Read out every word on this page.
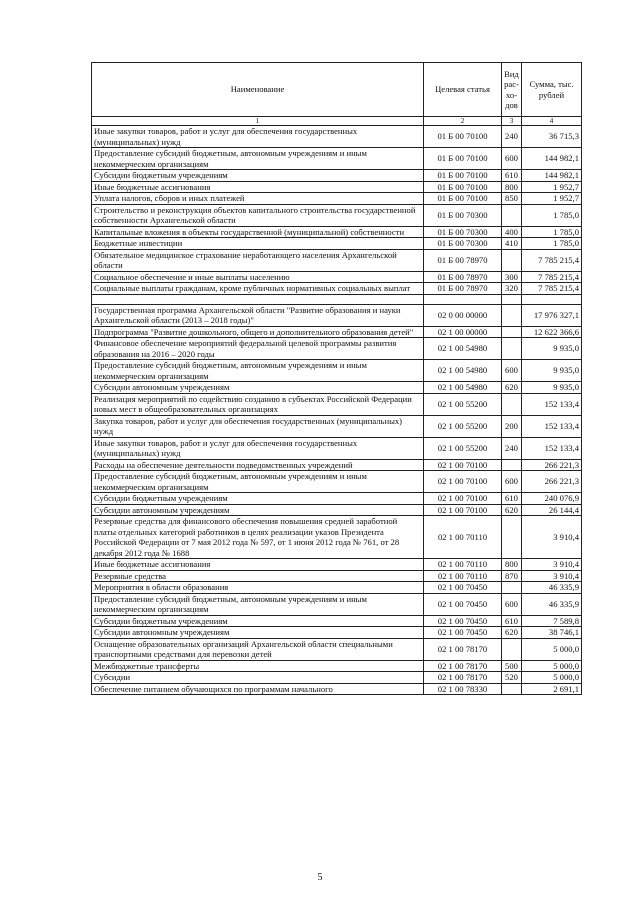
Наименование	Целевая статья	Вид рас-хо-дов	Сумма, тыс. рублей
1	2	3	4
Иные закупки товаров, работ и услуг для обеспечения государственных (муниципальных) нужд	01 Б 00 70100	240	36 715,3
Предоставление субсидий бюджетным, автономным учреждениям и иным некоммерческим организациям	01 Б 00 70100	600	144 982,1
Субсидии бюджетным учреждениям	01 Б 00 70100	610	144 982,1
Иные бюджетные ассигнования	01 Б 00 70100	800	1 952,7
Уплата налогов, сборов и иных платежей	01 Б 00 70100	850	1 952,7
Строительство и реконструкция объектов капитального строительства государственной собственности Архангельской области	01 Б 00 70300		1 785,0
Капитальные вложения в объекты государственной (муниципальной) собственности	01 Б 00 70300	400	1 785,0
Бюджетные инвестиции	01 Б 00 70300	410	1 785,0
Обязательное медицинское страхование неработающего населения Архангельской области	01 Б 00 78970		7 785 215,4
Социальное обеспечение и иные выплаты населению	01 Б 00 78970	300	7 785 215,4
Социальные выплаты гражданам, кроме публичных нормативных социальных выплат	01 Б 00 78970	320	7 785 215,4

Государственная программа Архангельской области "Развитие образования и науки Архангельской области (2013 – 2018 годы)"	02 0 00 00000		17 976 327,1
Подпрограмма "Развитие дошкольного, общего и дополнительного образования детей"	02 1 00 00000		12 622 366,6
Финансовое обеспечение мероприятий федеральной целевой программы развития образования на 2016 – 2020 годы	02 1 00 54980		9 935,0
Предоставление субсидий бюджетным, автономным учреждениям и иным некоммерческим организациям	02 1 00 54980	600	9 935,0
Субсидии автономным учреждениям	02 1 00 54980	620	9 935,0
Реализация мероприятий по содействию созданию в субъектах Российской Федерации новых мест в общеобразовательных организациях	02 1 00 55200		152 133,4
Закупка товаров, работ и услуг для обеспечения государственных (муниципальных) нужд	02 1 00 55200	200	152 133,4
Иные закупки товаров, работ и услуг для обеспечения государственных (муниципальных) нужд	02 1 00 55200	240	152 133,4
Расходы на обеспечение деятельности подведомственных учреждений	02 1 00 70100		266 221,3
Предоставление субсидий бюджетным, автономным учреждениям и иным некоммерческим организациям	02 1 00 70100	600	266 221,3
Субсидии бюджетным учреждениям	02 1 00 70100	610	240 076,9
Субсидии автономным учреждениям	02 1 00 70100	620	26 144,4
Резервные средства для финансового обеспечения повышения средней заработной платы отдельных категорий работников в целях реализации указов Президента Российской Федерации от 7 мая 2012 года № 597, от 1 июня 2012 года № 761, от 28 декабря 2012 года № 1688	02 1 00 70110		3 910,4
Иные бюджетные ассигнования	02 1 00 70110	800	3 910,4
Резервные средства	02 1 00 70110	870	3 910,4
Мероприятия в области образования	02 1 00 70450		46 335,9
Предоставление субсидий бюджетным, автономным учреждениям и иным некоммерческим организациям	02 1 00 70450	600	46 335,9
Субсидии бюджетным учреждениям	02 1 00 70450	610	7 589,8
Субсидии автономным учреждениям	02 1 00 70450	620	38 746,1
Оснащение образовательных организаций Архангельской области специальными транспортными средствами для перевозки детей	02 1 00 78170		5 000,0
Межбюджетные трансферты	02 1 00 78170	500	5 000,0
Субсидии	02 1 00 78170	520	5 000,0
Обеспечение питанием обучающихся по программам начального	02 1 00 78330		2 691,1
5
